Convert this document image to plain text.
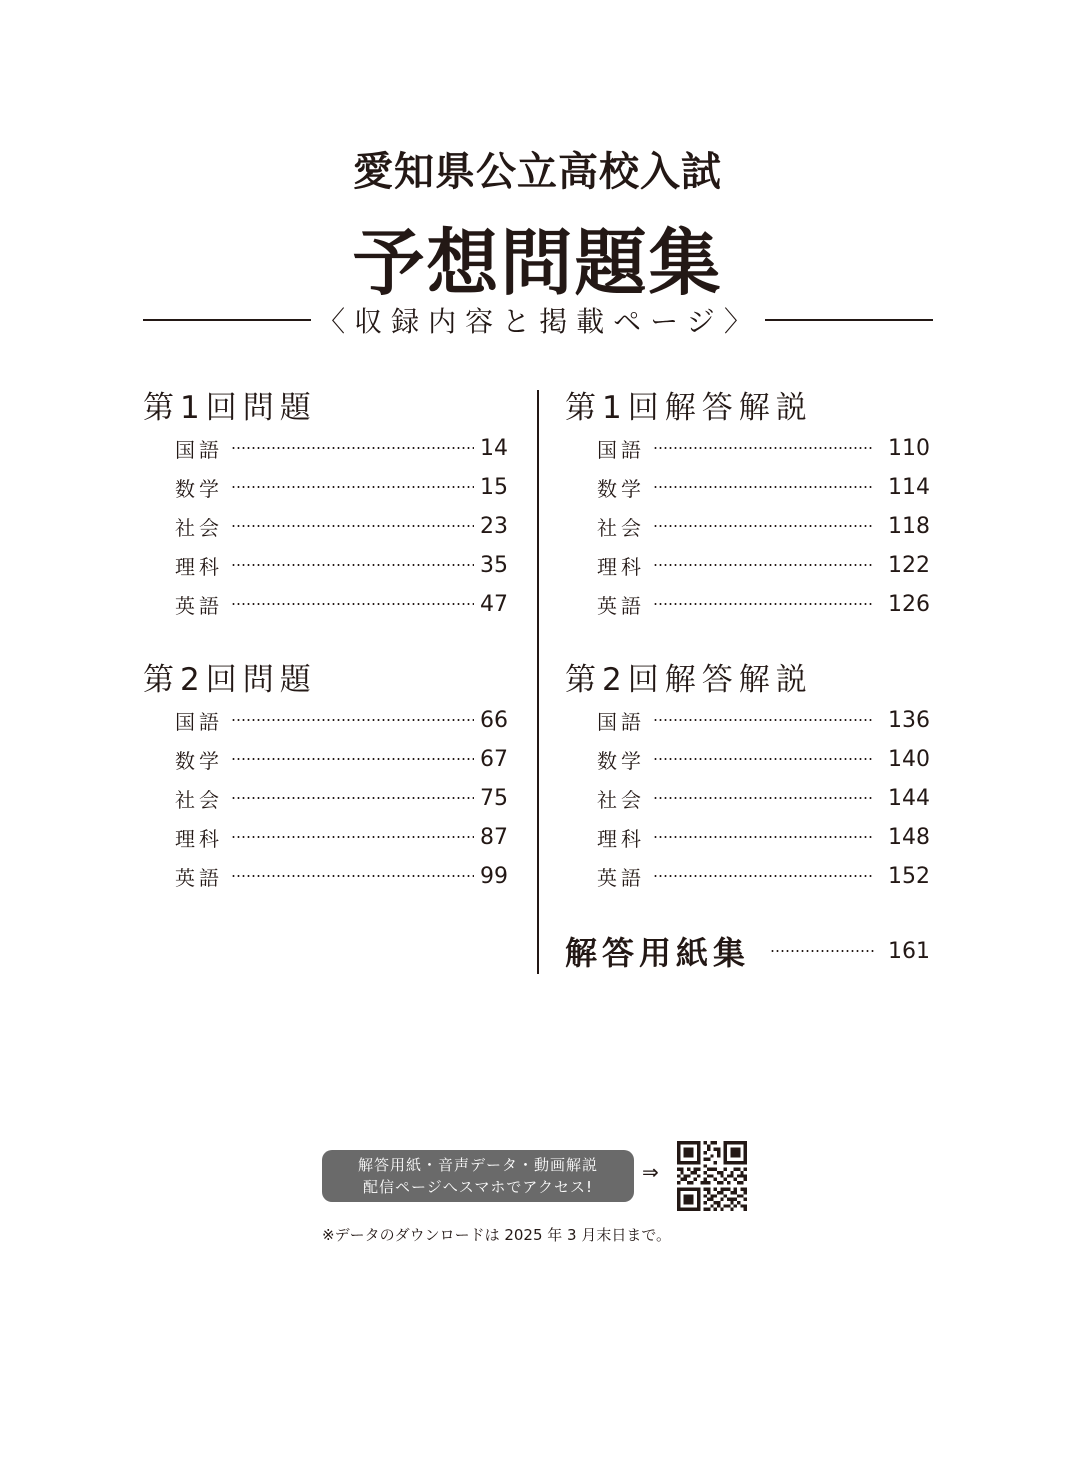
愛知県公立高校入試
予想問題集
〈収録内容と掲載ページ〉
第1回問題
国語	14
数学	15
社会	23
理科	35
英語	47
第2回問題
国語	66
数学	67
社会	75
理科	87
英語	99
第1回解答解説
国語	110
数学	114
社会	118
理科	122
英語	126
第2回解答解説
国語	136
数学	140
社会	144
理科	148
英語	152
解答用紙集	161
解答用紙・音声データ・動画解説
配信ページへスマホでアクセス!
⇒
※データのダウンロードは 2025 年 3 月末日まで。
